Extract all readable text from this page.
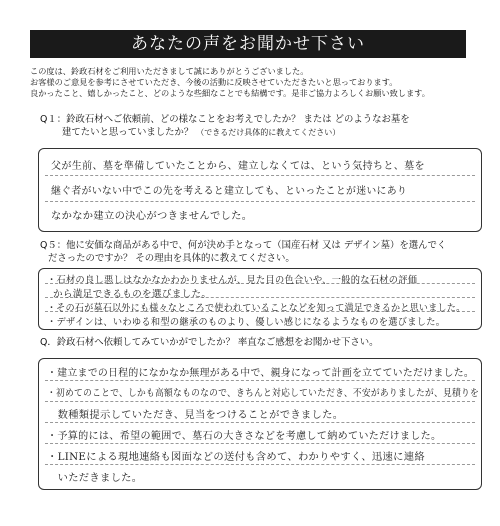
あなたの声をお聞かせ下さい
この度は、鈴政石材をご利用いただきまして誠にありがとうございました。
お客様のご意見を参考にさせていただき、今後の活動に反映させていただきたいと思っております。
良かったこと、嬉しかったこと、どのような些細なことでも結構です。是非ご協力よろしくお願い致します。
Q１：鈴政石材へご依頼前、どの様なことをお考えでしたか？ または どのようなお墓を
建てたいと思っていましたか？ （できるだけ具体的に教えてください）
父が生前、墓を準備していたことから、建立しなくては、という気持ちと、墓を
継ぐ者がいない中でこの先を考えると建立しても、といったことが迷いにあり
なかなか建立の決心がつきませんでした。
Q５：他に安価な商品がある中で、何が決め手となって（国産石材 又は デザイン墓）を選んでく
ださったのですか？ その理由を具体的に教えてください。
・石材の良し悪しはなかなかわかりませんが、見た目の色合いや、一般的な石材の評価
から満足できるものを選びました。
・その石が墓石以外にも様々なところで使われていることなどを知って満足できるかと思いました。
・デザインは、いわゆる和型の継承のものより、優しい感じになるようなものを選びました。
Q．鈴政石材へ依頼してみていかがでしたか？ 率直なご感想をお聞かせ下さい。
・建立までの日程的になかなか無理がある中で、親身になって計画を立てていただけました。
・初めてのことで、しかも高額なものなので、きちんと対応していただき、不安がありましたが、見積りを
　数種類提示していただき、見当をつけることができました。
・予算的には、希望の範囲で、墓石の大きさなどを考慮して納めていただけました。
・LINEによる現地連絡も図面などの送付も含めて、わかりやすく、迅速に連絡
　いただきました。
